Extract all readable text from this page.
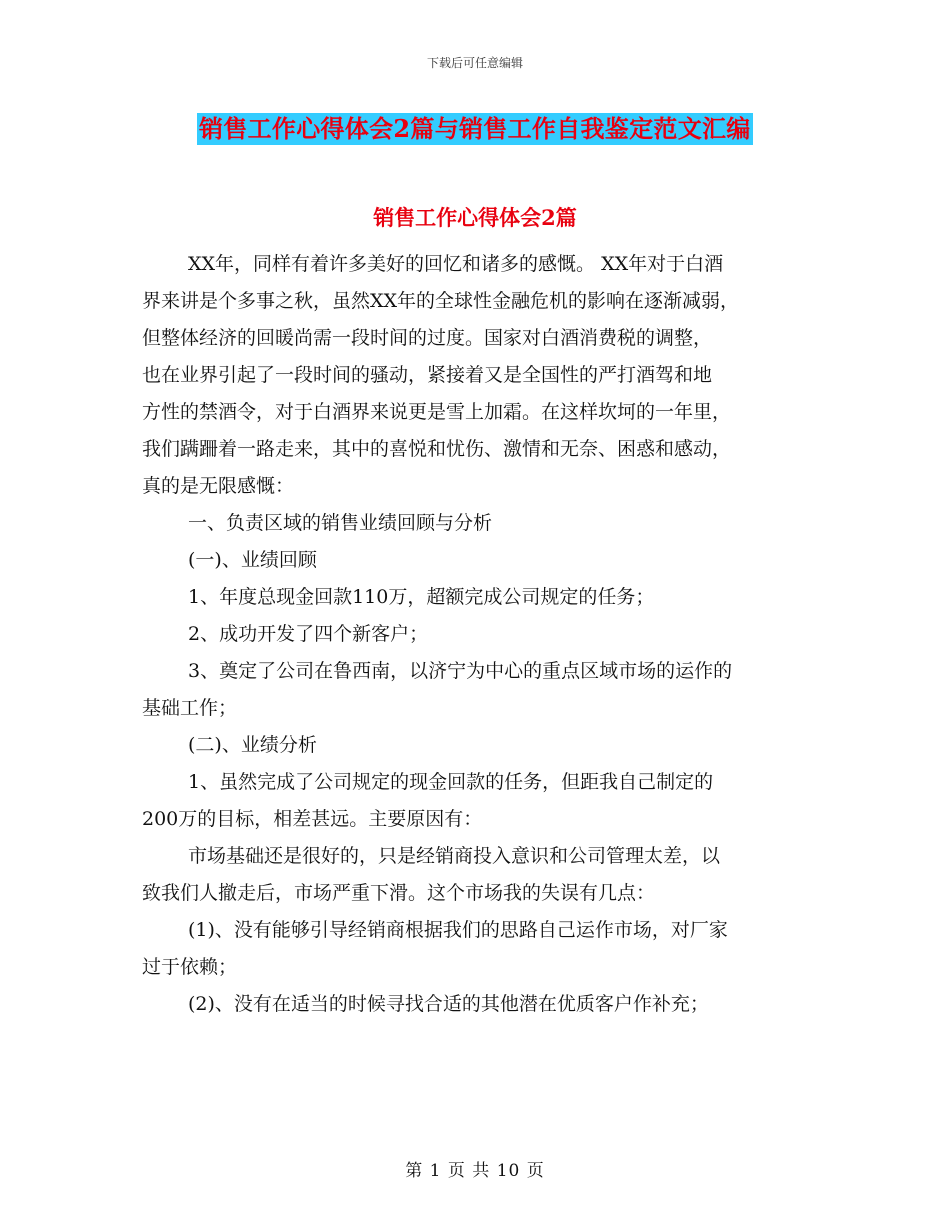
下载后可任意编辑
销售工作心得体会2篇与销售工作自我鉴定范文汇编
销售工作心得体会2篇
XX年，同样有着许多美好的回忆和诸多的感慨。 XX年对于白酒
界来讲是个多事之秋，虽然XX年的全球性金融危机的影响在逐渐减弱，
但整体经济的回暖尚需一段时间的过度。国家对白酒消费税的调整，
也在业界引起了一段时间的骚动，紧接着又是全国性的严打酒驾和地
方性的禁酒令，对于白酒界来说更是雪上加霜。在这样坎坷的一年里，
我们蹒跚着一路走来，其中的喜悦和忧伤、激情和无奈、困惑和感动，
真的是无限感慨：
一、负责区域的销售业绩回顾与分析
(一)、业绩回顾
1、年度总现金回款110万，超额完成公司规定的任务；
2、成功开发了四个新客户；
3、奠定了公司在鲁西南，以济宁为中心的重点区域市场的运作的
基础工作；
(二)、业绩分析
1、虽然完成了公司规定的现金回款的任务，但距我自己制定的
200万的目标，相差甚远。主要原因有：
市场基础还是很好的，只是经销商投入意识和公司管理太差，以
致我们人撤走后，市场严重下滑。这个市场我的失误有几点：
(1)、没有能够引导经销商根据我们的思路自己运作市场，对厂家
过于依赖；
(2)、没有在适当的时候寻找合适的其他潜在优质客户作补充；
第 1 页 共 10 页
